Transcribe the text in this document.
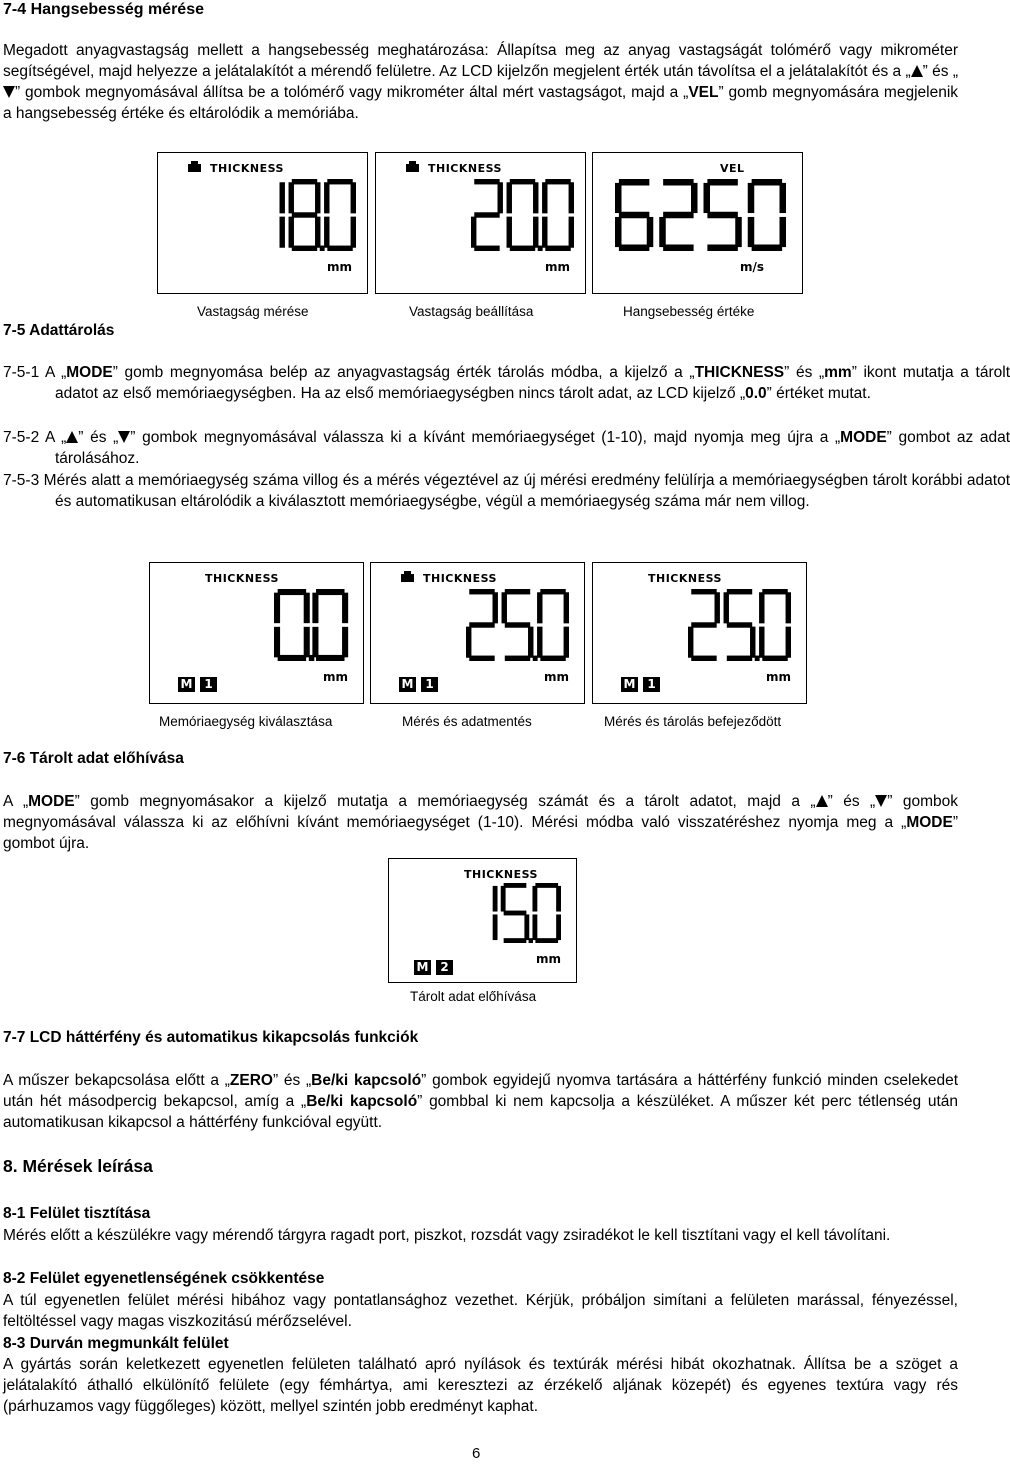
7-4 Hangsebesség mérése
Megadott anyagvastagság mellett a hangsebesség meghatározása: Állapítsa meg az anyag vastagságát tolómérő vagy mikrométer segítségével, majd helyezze a jelátalakítót a mérendő felületre. Az LCD kijelzőn megjelent érték után távolítsa el a jelátalakítót és a „ ” és „” gombok megnyomásával állítsa be a tolómérő vagy mikrométer által mért vastagságot, majd a „VEL” gomb megnyomására megjelenik a hangsebesség értéke és eltárolódik a memóriába.
THICKNESS
mm
THICKNESS
mm
VEL
m/s
Vastagság mérése	Vastagság beállítása	Hangsebesség értéke
7-5 Adattárolás
7-5-1 A „MODE” gomb megnyomása belép az anyagvastagság érték tárolás módba, a kijelző a „THICKNESS” és „mm” ikont mutatja a tárolt adatot az első memóriaegységben. Ha az első memóriaegységben nincs tárolt adat, az LCD kijelző „0.0” értéket mutat.
7-5-2 A „ ” és „ ” gombok megnyomásával válassza ki a kívánt memóriaegységet (1-10), majd nyomja meg újra a „MODE” gombot az adat tárolásához.
7-5-3 Mérés alatt a memóriaegység száma villog és a mérés végeztével az új mérési eredmény felülírja a memóriaegységben tárolt korábbi adatot és automatikusan eltárolódik a kiválasztott memóriaegységbe, végül a memóriaegység száma már nem villog.
THICKNESS
mm
M 1
THICKNESS
mm
M 1
THICKNESS
mm
M 1
Memóriaegység kiválasztása	Mérés és adatmentés	Mérés és tárolás befejeződött
7-6 Tárolt adat előhívása
A „MODE” gomb megnyomásakor a kijelző mutatja a memóriaegység számát és a tárolt adatot, majd a „ ” és „ ” gombok megnyomásával válassza ki az előhívni kívánt memóriaegységet (1-10). Mérési módba való visszatéréshez nyomja meg a „MODE” gombot újra.
THICKNESS
mm
M 2
Tárolt adat előhívása
7-7 LCD háttérfény és automatikus kikapcsolás funkciók
A műszer bekapcsolása előtt a „ZERO” és „Be/ki kapcsoló” gombok egyidejű nyomva tartására a háttérfény funkció minden cselekedet után hét másodpercig bekapcsol, amíg a „Be/ki kapcsoló” gombbal ki nem kapcsolja a készüléket. A műszer két perc tétlenség után automatikusan kikapcsol a háttérfény funkcióval együtt.
8. Mérések leírása
8-1 Felület tisztítása
Mérés előtt a készülékre vagy mérendő tárgyra ragadt port, piszkot, rozsdát vagy zsiradékot le kell tisztítani vagy el kell távolítani.
8-2 Felület egyenetlenségének csökkentése
A túl egyenetlen felület mérési hibához vagy pontatlansághoz vezethet. Kérjük, próbáljon simítani a felületen marással, fényezéssel, feltöltéssel vagy magas viszkozitású mérőzselével.
8-3 Durván megmunkált felület
A gyártás során keletkezett egyenetlen felületen található apró nyílások és textúrák mérési hibát okozhatnak. Állítsa be a szöget a jelátalakító áthalló elkülönítő felülete (egy fémhártya, ami keresztezi az érzékelő aljának közepét) és egyenes textúra vagy rés (párhuzamos vagy függőleges) között, mellyel szintén jobb eredményt kaphat.
6
